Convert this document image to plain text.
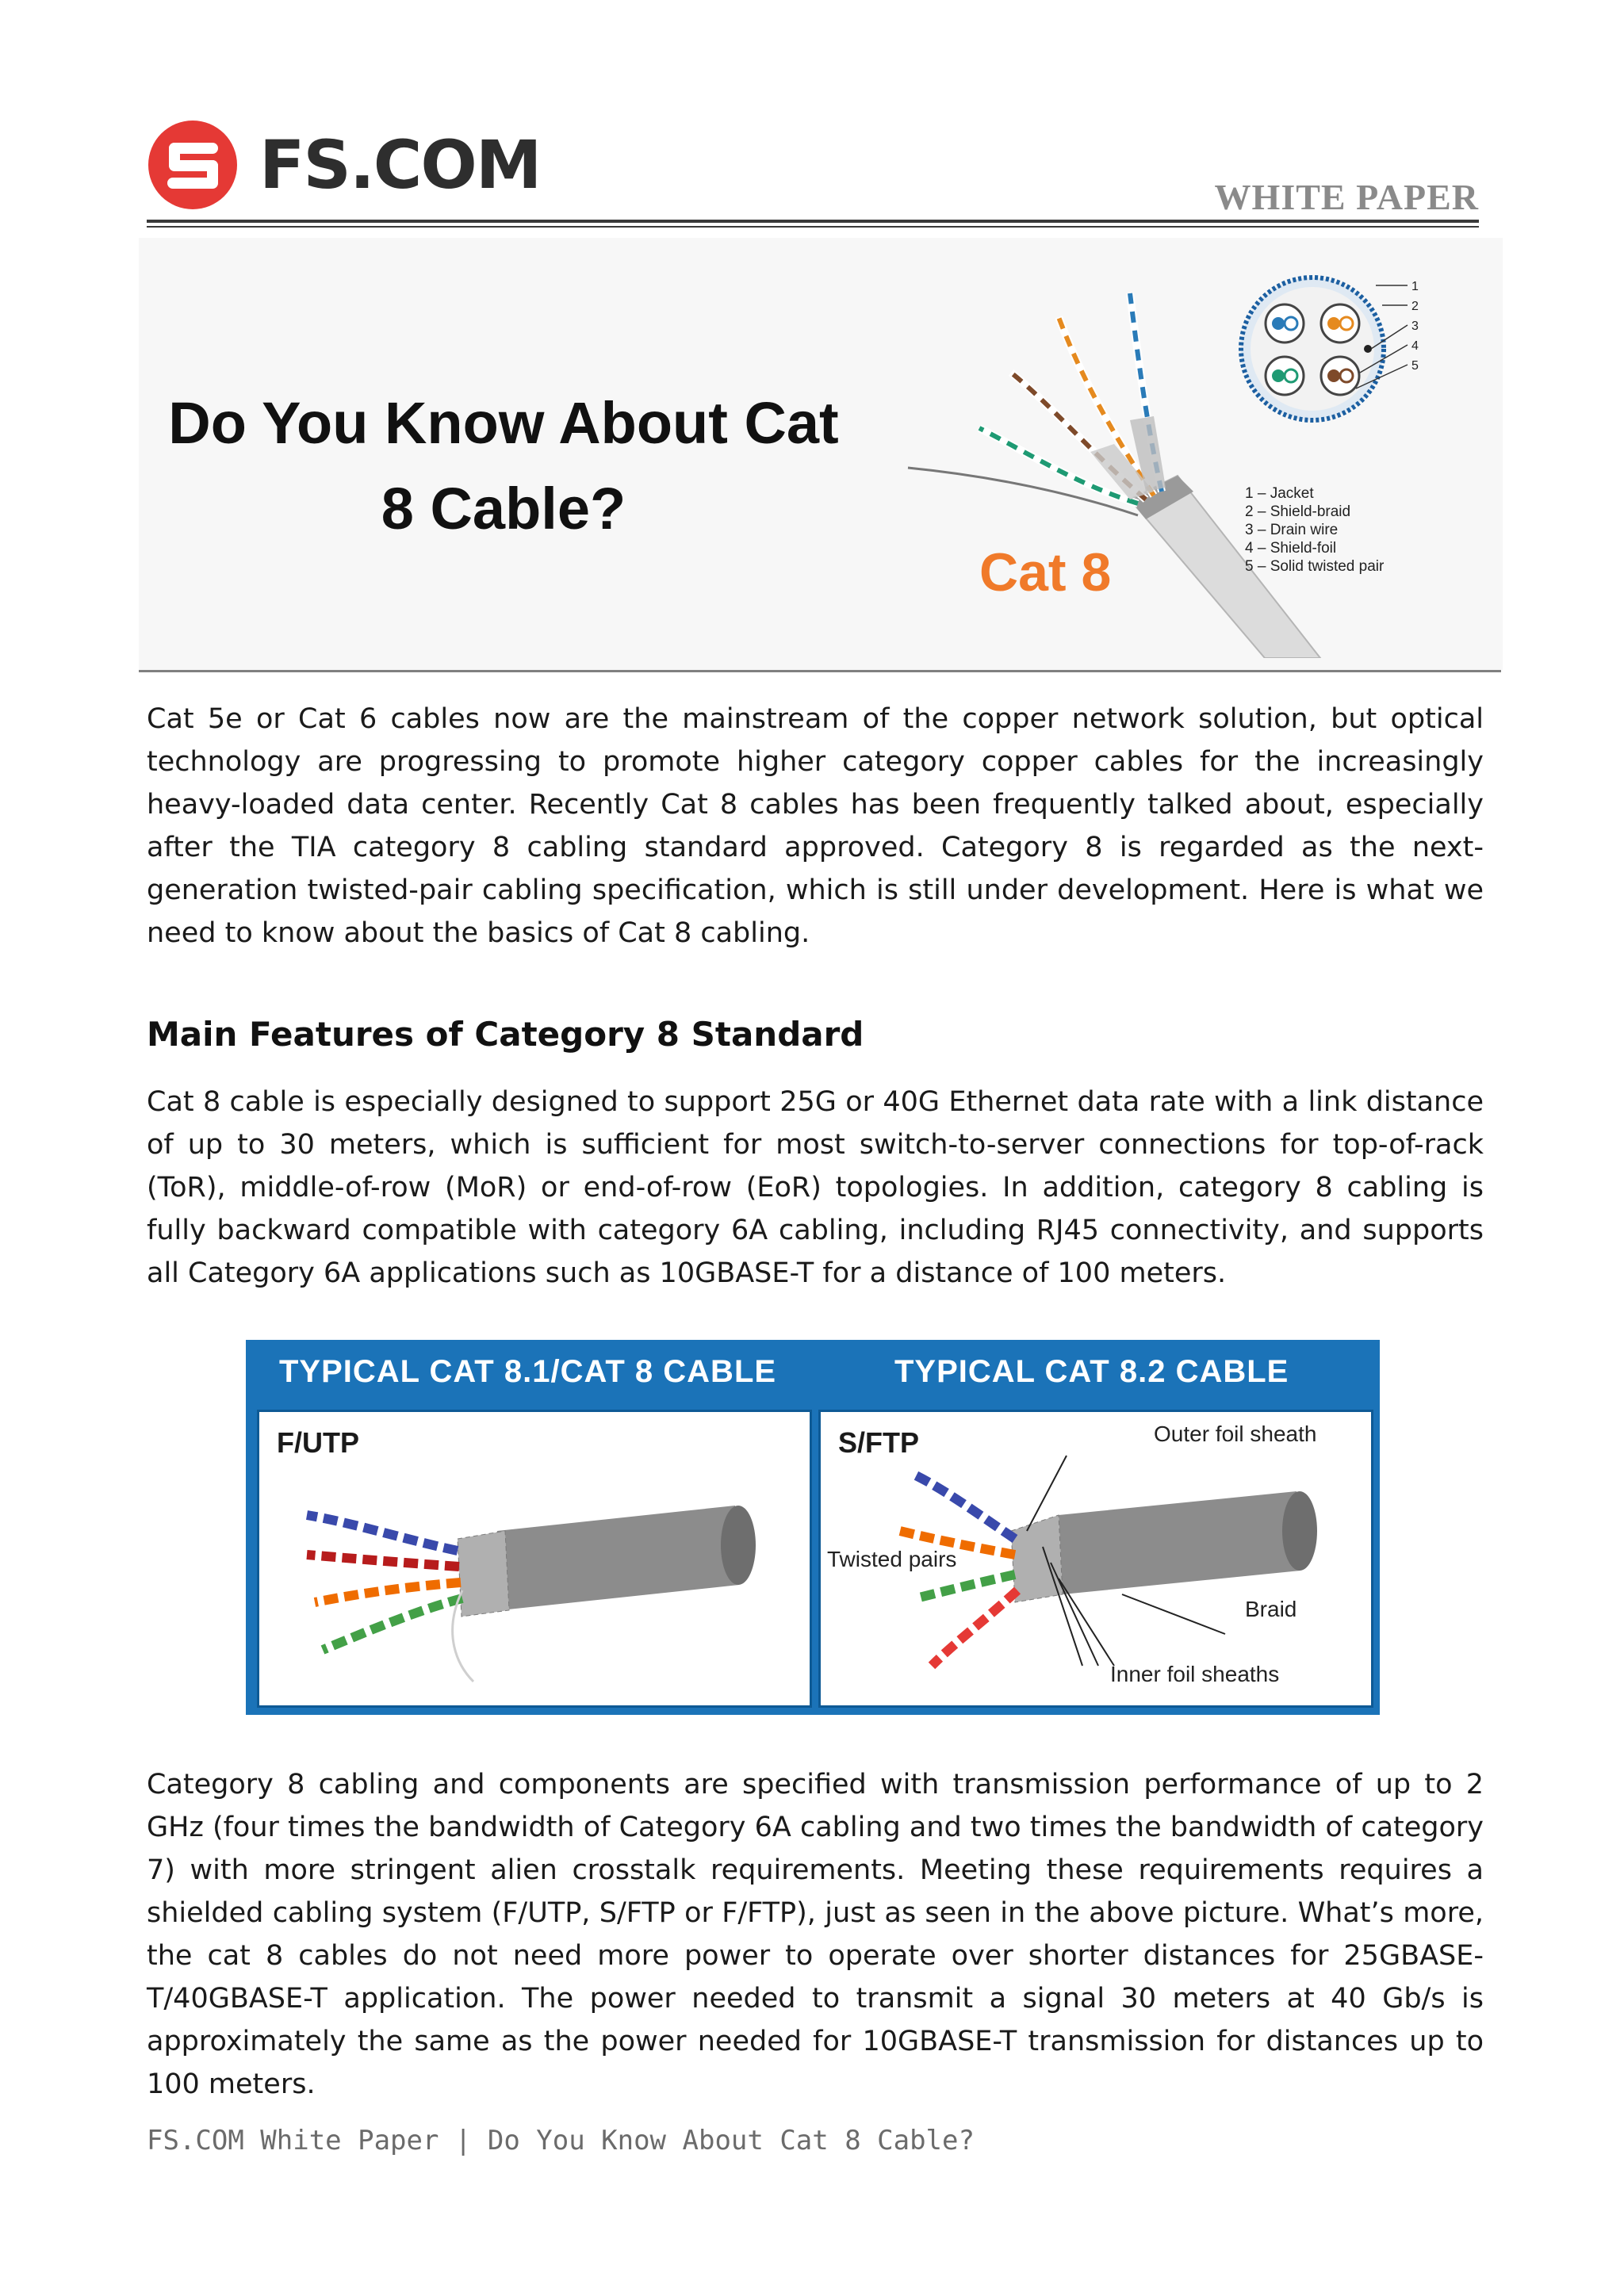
FS.COM	WHITE PAPER
Do You Know About Cat 8 Cable?
Cat 8
1
2
3
4
5
1 – Jacket
2 – Shield-braid
3 – Drain wire
4 – Shield-foil
5 – Solid twisted pair

Cat 5e or Cat 6 cables now are the mainstream of the copper network solution, but optical technology are progressing to promote higher category copper cables for the increasingly heavy-loaded data center. Recently Cat 8 cables has been frequently talked about, especially after the TIA category 8 cabling standard approved. Category 8 is regarded as the next-generation twisted-pair cabling specification, which is still under development. Here is what we need to know about the basics of Cat 8 cabling.

Main Features of Category 8 Standard

Cat 8 cable is especially designed to support 25G or 40G Ethernet data rate with a link distance of up to 30 meters, which is sufficient for most switch-to-server connections for top-of-rack (ToR), middle-of-row (MoR) or end-of-row (EoR) topologies. In addition, category 8 cabling is fully backward compatible with category 6A cabling, including RJ45 connectivity, and supports all Category 6A applications such as 10GBASE-T for a distance of 100 meters.

TYPICAL CAT 8.1/CAT 8 CABLE	TYPICAL CAT 8.2 CABLE
F/UTP	S/FTP	Outer foil sheath
Twisted pairs
Braid
Inner foil sheaths

Category 8 cabling and components are specified with transmission performance of up to 2 GHz (four times the bandwidth of Category 6A cabling and two times the bandwidth of category 7) with more stringent alien crosstalk requirements. Meeting these requirements requires a shielded cabling system (F/UTP, S/FTP or F/FTP), just as seen in the above picture. What’s more, the cat 8 cables do not need more power to operate over shorter distances for 25GBASE-T/40GBASE-T application. The power needed to transmit a signal 30 meters at 40 Gb/s is approximately the same as the power needed for 10GBASE-T transmission for distances up to 100 meters.

FS.COM White Paper | Do You Know About Cat 8 Cable?
